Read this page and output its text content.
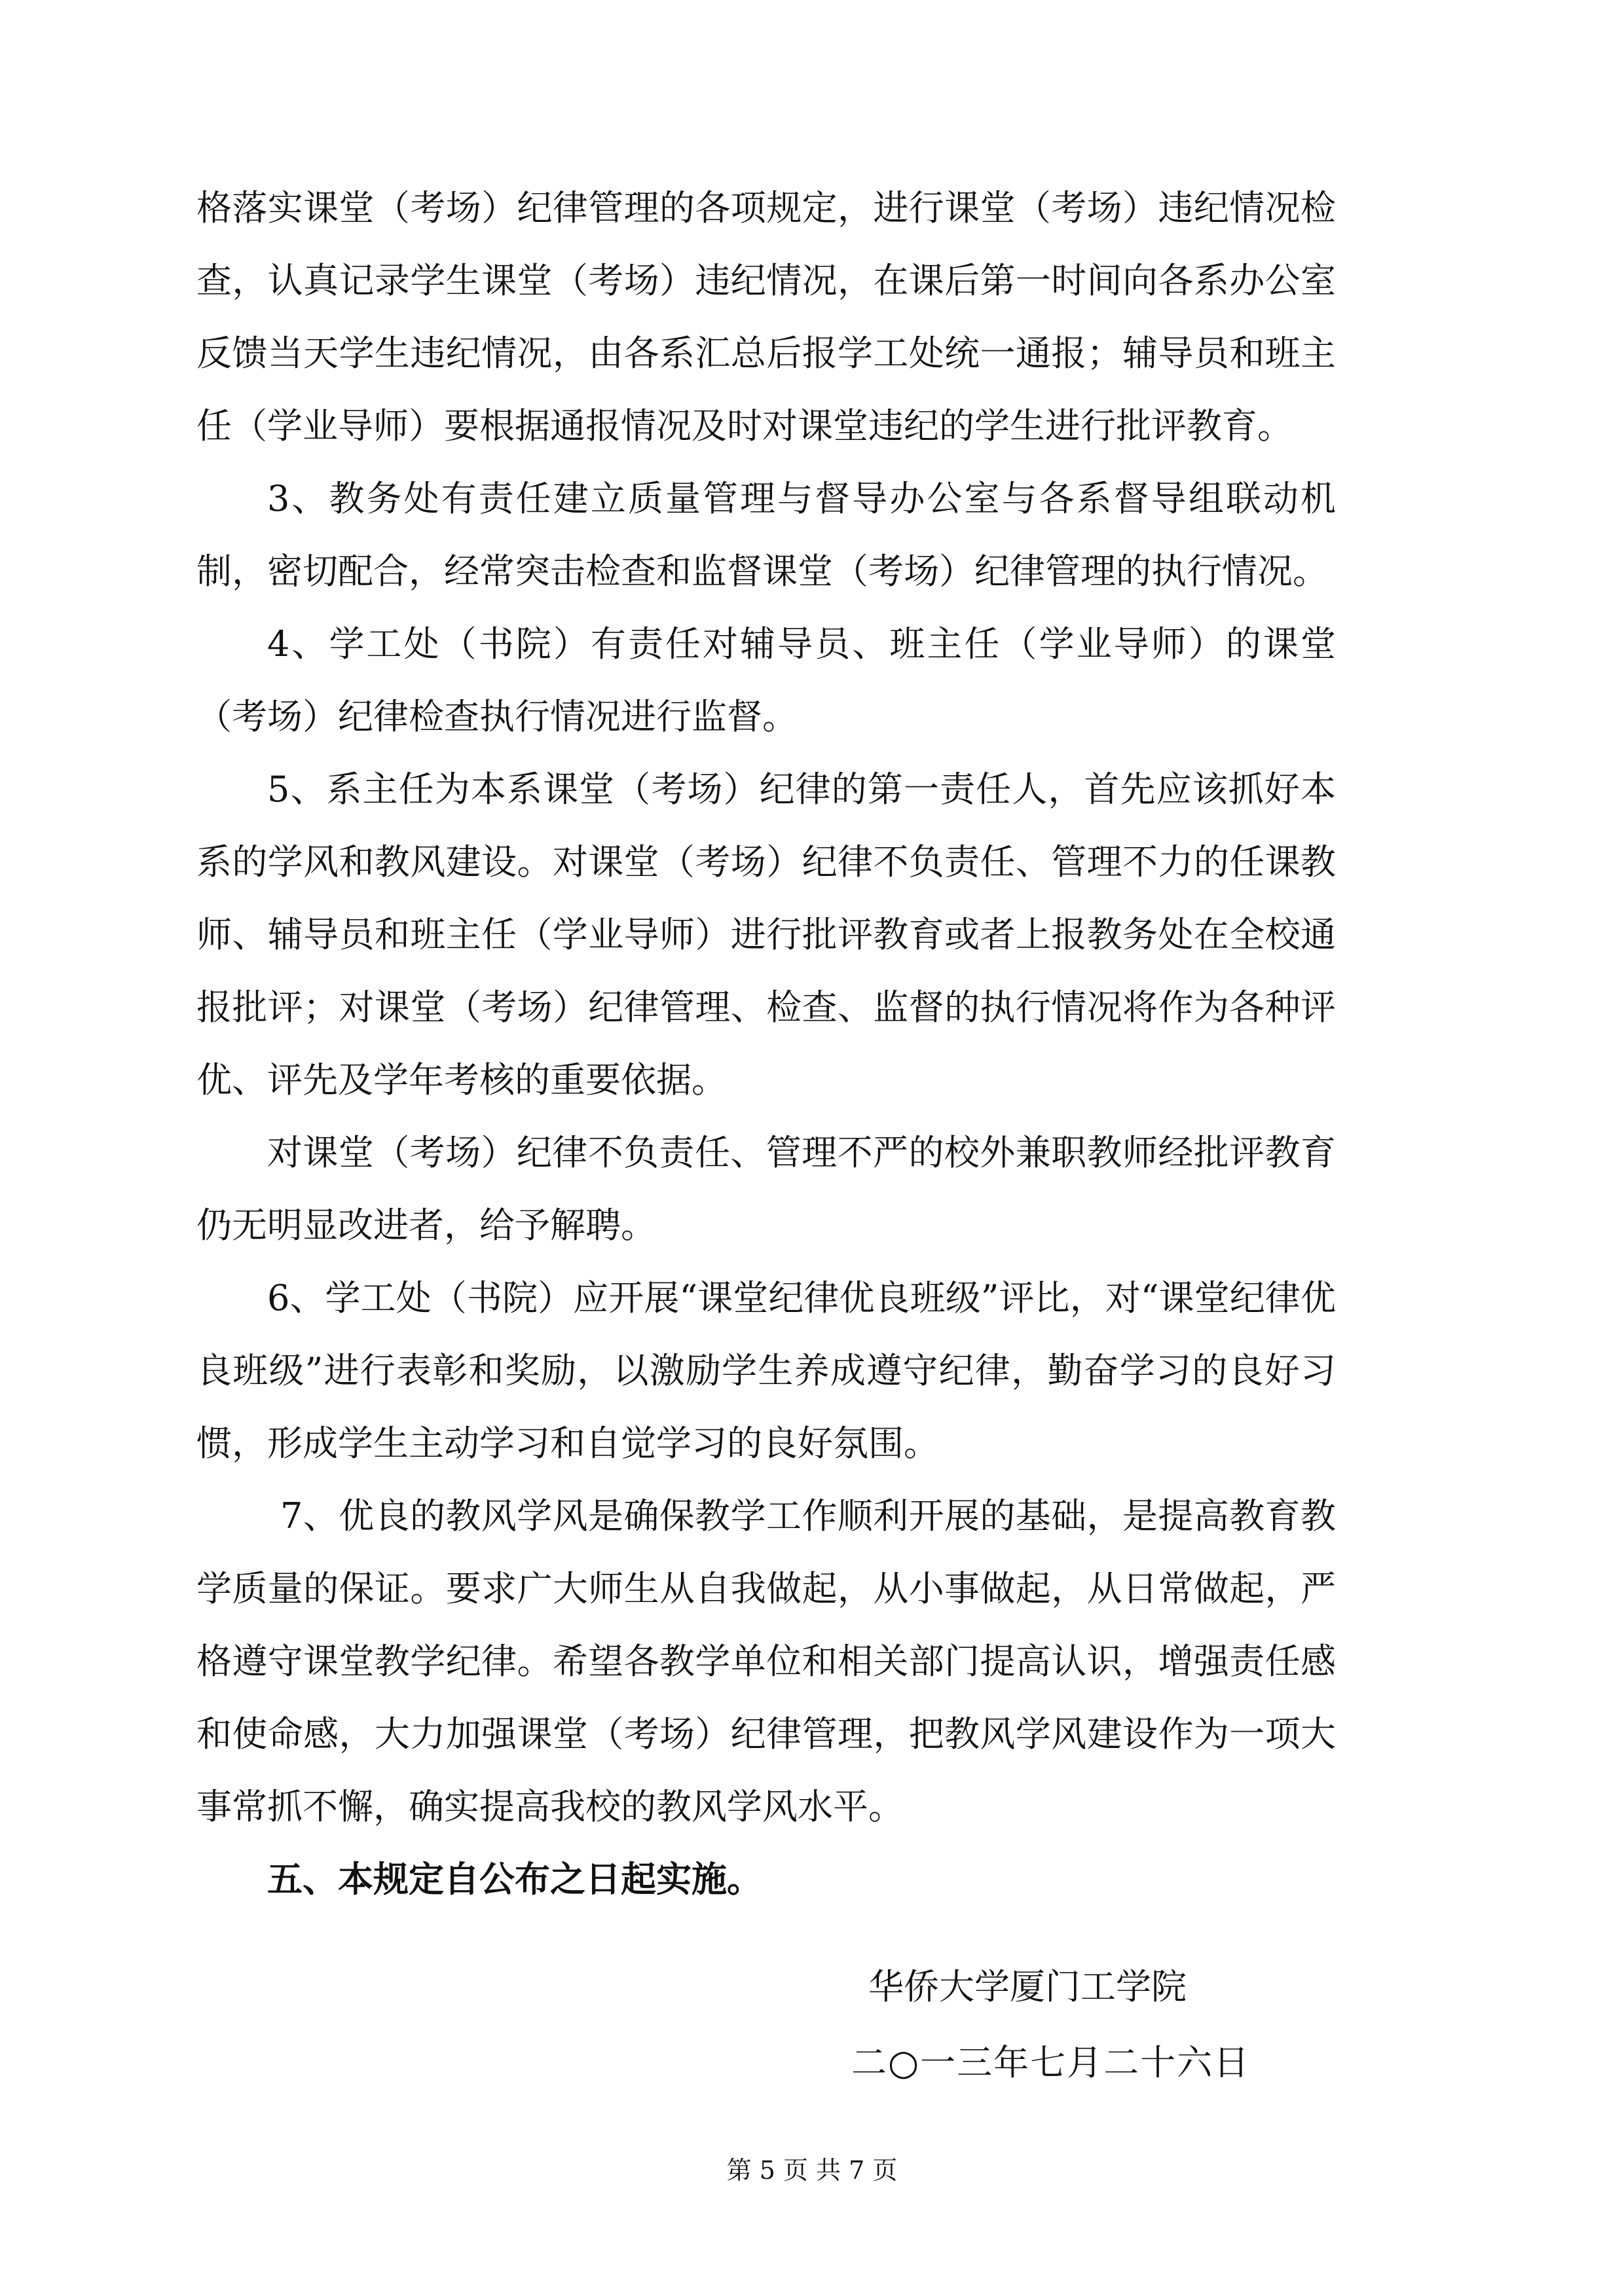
格落实课堂（考场）纪律管理的各项规定，进行课堂（考场）违纪情况检查，认真记录学生课堂（考场）违纪情况，在课后第一时间向各系办公室反馈当天学生违纪情况，由各系汇总后报学工处统一通报；辅导员和班主任（学业导师）要根据通报情况及时对课堂违纪的学生进行批评教育。

3、教务处有责任建立质量管理与督导办公室与各系督导组联动机制，密切配合，经常突击检查和监督课堂（考场）纪律管理的执行情况。

4、学工处（书院）有责任对辅导员、班主任（学业导师）的课堂（考场）纪律检查执行情况进行监督。

5、系主任为本系课堂（考场）纪律的第一责任人，首先应该抓好本系的学风和教风建设。对课堂（考场）纪律不负责任、管理不力的任课教师、辅导员和班主任（学业导师）进行批评教育或者上报教务处在全校通报批评；对课堂（考场）纪律管理、检查、监督的执行情况将作为各种评优、评先及学年考核的重要依据。

对课堂（考场）纪律不负责任、管理不严的校外兼职教师经批评教育仍无明显改进者，给予解聘。

6、学工处（书院）应开展“课堂纪律优良班级”评比，对“课堂纪律优良班级”进行表彰和奖励，以激励学生养成遵守纪律，勤奋学习的良好习惯，形成学生主动学习和自觉学习的良好氛围。

7、优良的教风学风是确保教学工作顺利开展的基础，是提高教育教学质量的保证。要求广大师生从自我做起，从小事做起，从日常做起，严格遵守课堂教学纪律。希望各教学单位和相关部门提高认识，增强责任感和使命感，大力加强课堂（考场）纪律管理，把教风学风建设作为一项大事常抓不懈，确实提高我校的教风学风水平。

五、本规定自公布之日起实施。

华侨大学厦门工学院
二○一三年七月二十六日
第 5 页 共 7 页
